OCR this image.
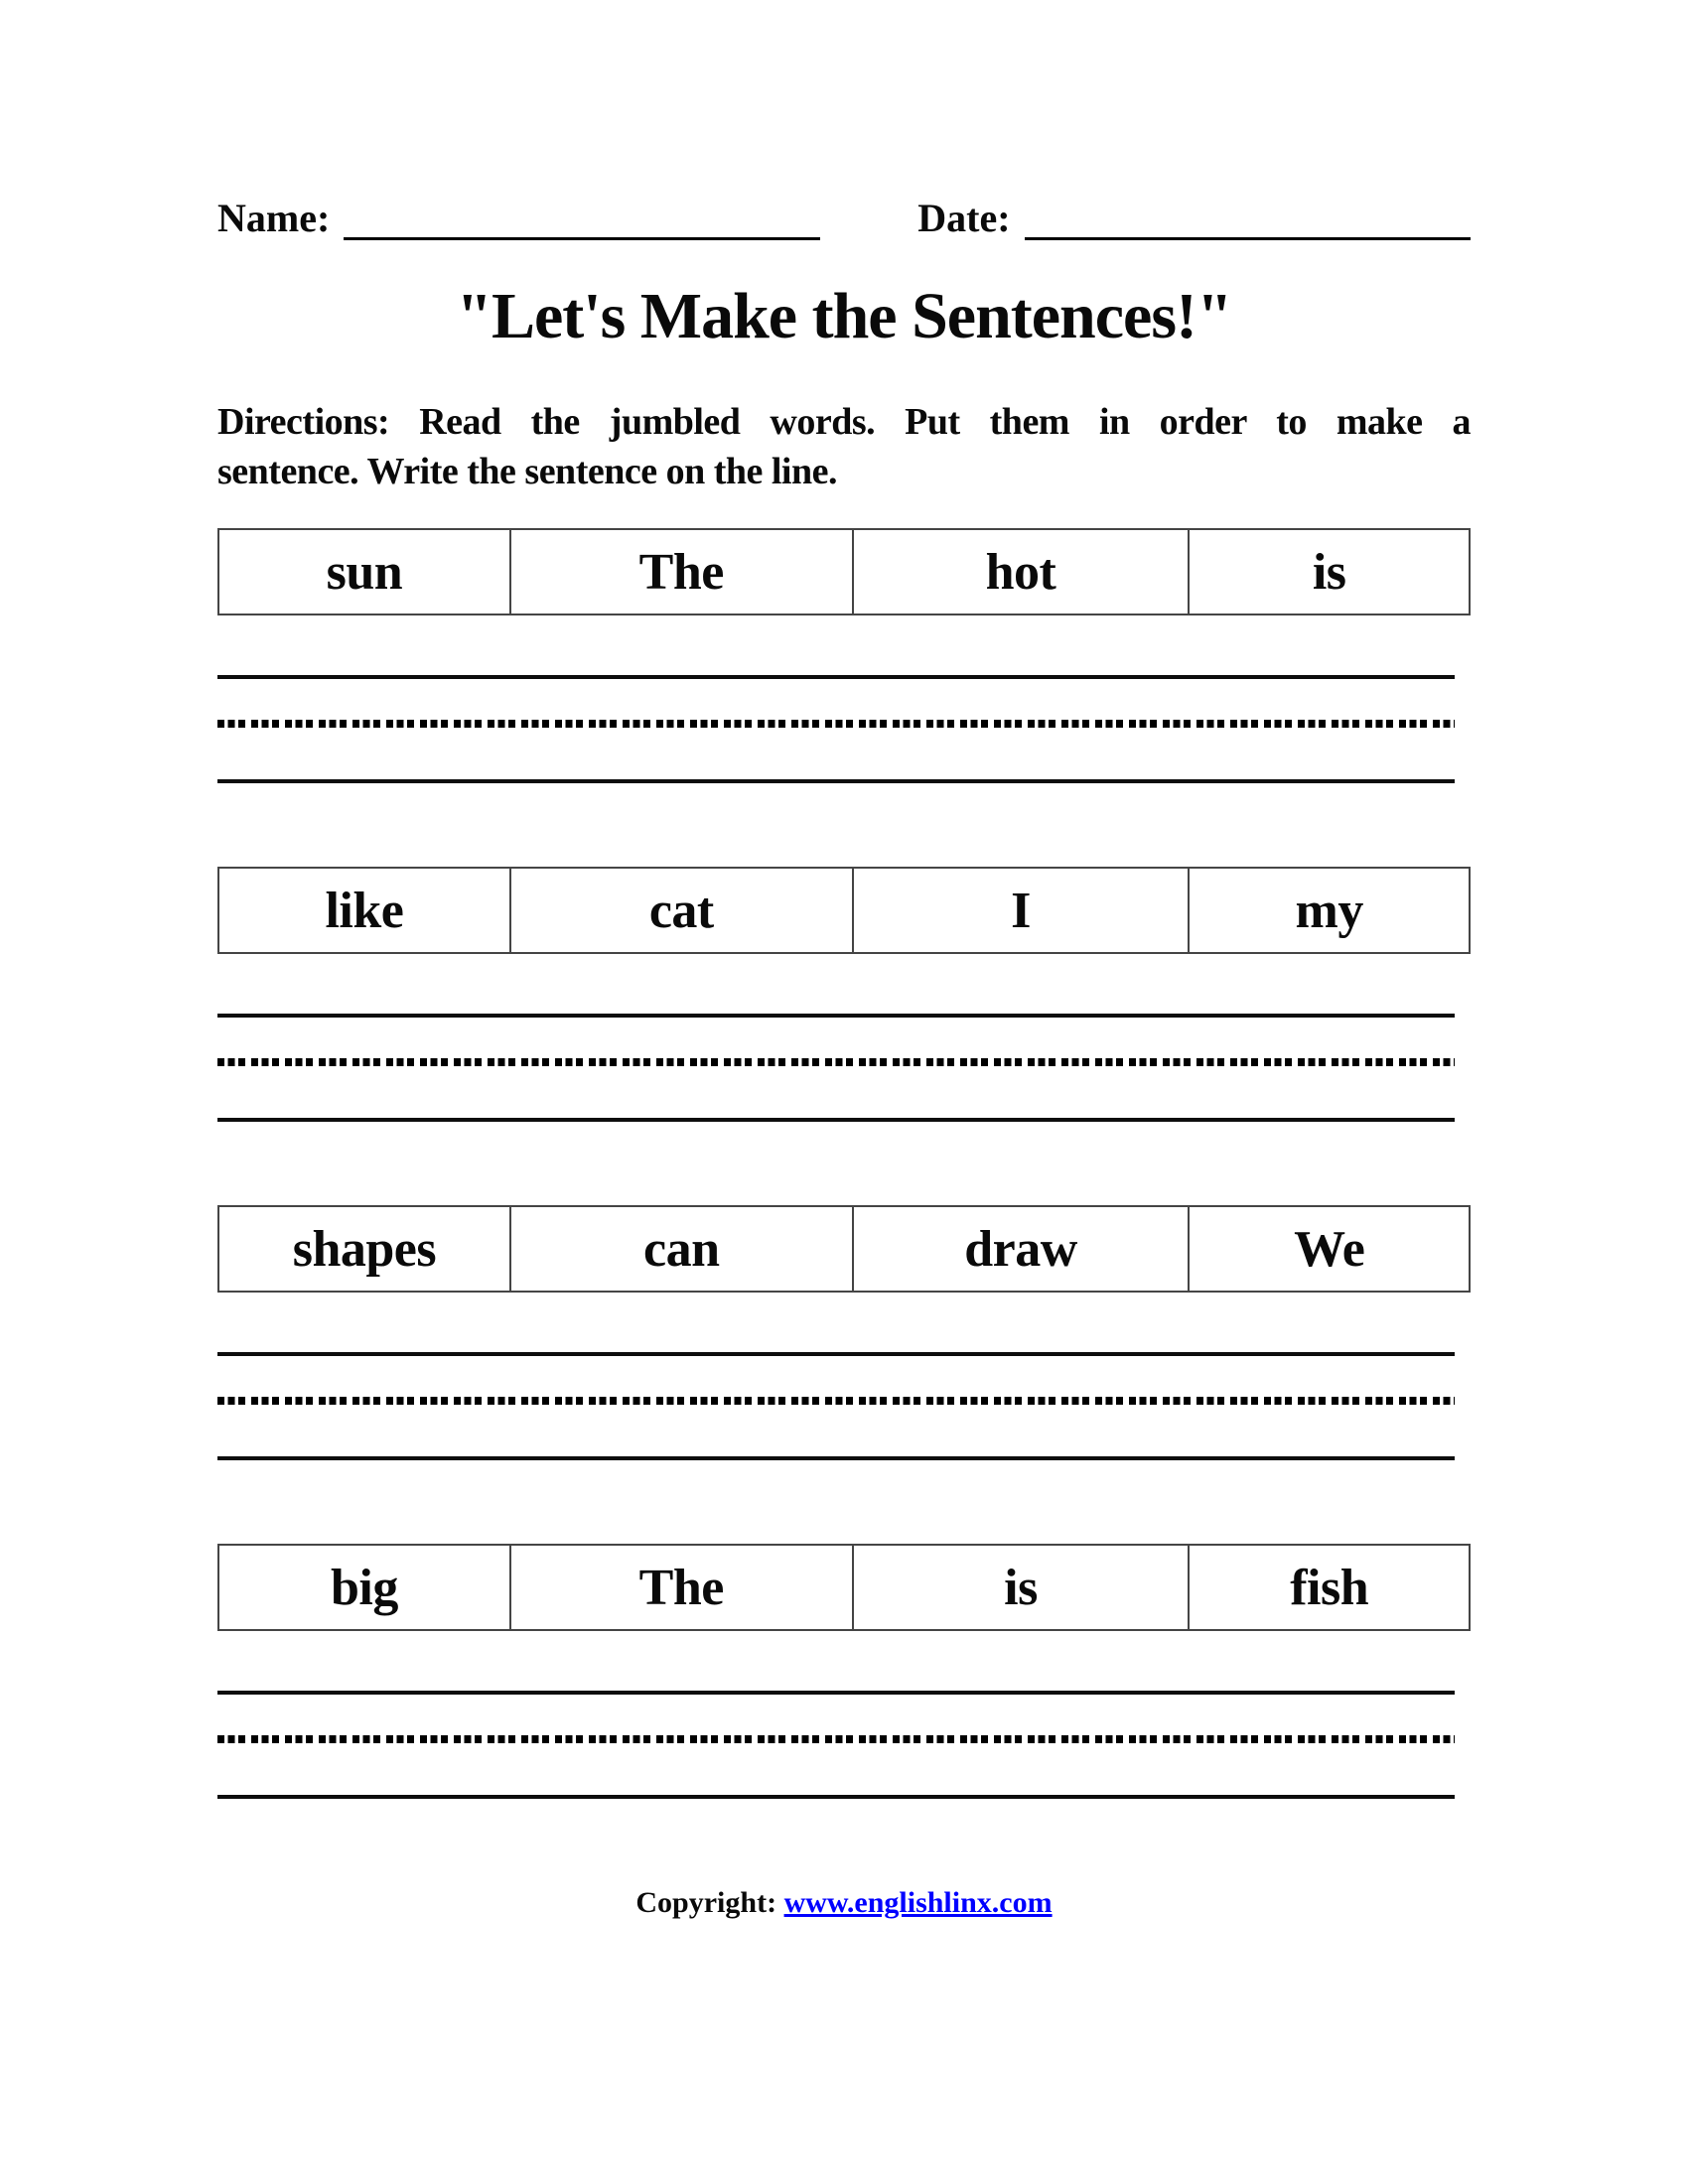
Name:	Date:
"Let's Make the Sentences!"
Directions: Read the jumbled words. Put them in order to make a
sentence. Write the sentence on the line.
sun	The	hot	is
like	cat	I	my
shapes	can	draw	We
big	The	is	fish
Copyright: www.englishlinx.com
